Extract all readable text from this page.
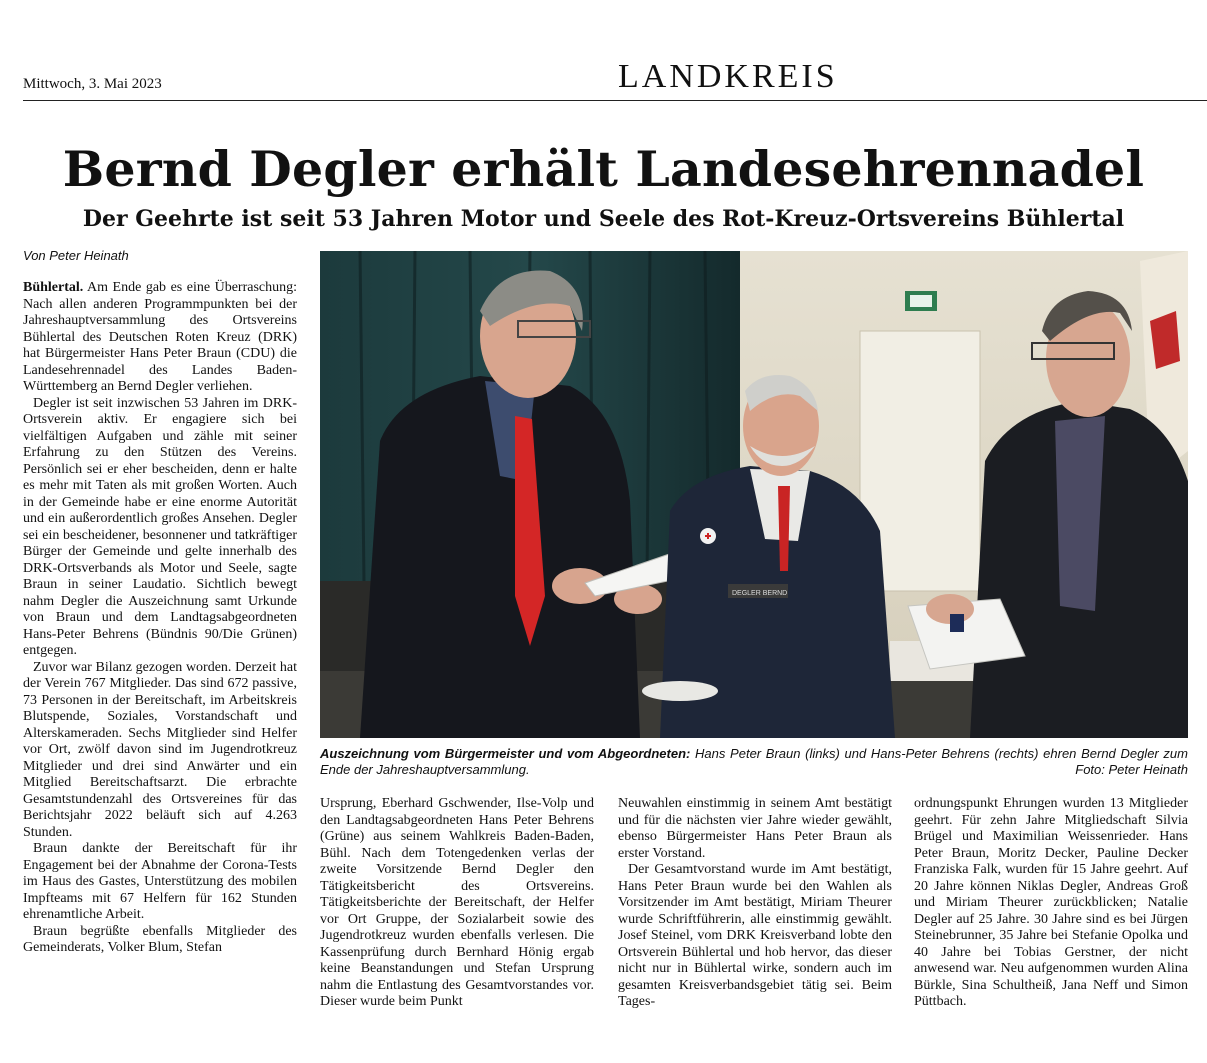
Mittwoch, 3. Mai 2023	LANDKREIS
Bernd Degler erhält Landesehrennadel
Der Geehrte ist seit 53 Jahren Motor und Seele des Rot-Kreuz-Ortsvereins Bühlertal
Von Peter Heinath

Bühlertal. Am Ende gab es eine Überraschung: Nach allen anderen Programmpunkten bei der Jahreshauptversammlung des Ortsvereins Bühlertal des Deutschen Roten Kreuz (DRK) hat Bürgermeister Hans Peter Braun (CDU) die Landesehrennadel des Landes Baden-Württemberg an Bernd Degler verliehen.

Degler ist seit inzwischen 53 Jahren im DRK-Ortsverein aktiv. Er engagiere sich bei vielfältigen Aufgaben und zähle mit seiner Erfahrung zu den Stützen des Vereins. Persönlich sei er eher bescheiden, denn er halte es mehr mit Taten als mit großen Worten. Auch in der Gemeinde habe er eine enorme Autorität und ein außerordentlich großes Ansehen. Degler sei ein bescheidener, besonnener und tatkräftiger Bürger der Gemeinde und gelte innerhalb des DRK-Ortsverbands als Motor und Seele, sagte Braun in seiner Laudatio. Sichtlich bewegt nahm Degler die Auszeichnung samt Urkunde von Braun und dem Landtagsabgeordneten Hans-Peter Behrens (Bündnis 90/Die Grünen) entgegen.

Zuvor war Bilanz gezogen worden. Derzeit hat der Verein 767 Mitglieder. Das sind 672 passive, 73 Personen in der Bereitschaft, im Arbeitskreis Blutspende, Soziales, Vorstandschaft und Alterskameraden. Sechs Mitglieder sind Helfer vor Ort, zwölf davon sind im Jugendrotkreuz Mitglieder und drei sind Anwärter und ein Mitglied Bereitschaftsarzt. Die erbrachte Gesamtstundenzahl des Ortsvereines für das Berichtsjahr 2022 beläuft sich auf 4.263 Stunden.

Braun dankte der Bereitschaft für ihr Engagement bei der Abnahme der Corona-Tests im Haus des Gastes, Unterstützung des mobilen Impfteams mit 67 Helfern für 162 Stunden ehrenamtliche Arbeit.

Braun begrüßte ebenfalls Mitglieder des Gemeinderats, Volker Blum, Stefan

DEGLER BERND
Auszeichnung vom Bürgermeister und vom Abgeordneten: Hans Peter Braun (links) und Hans-Peter Behrens (rechts) ehren Bernd Degler zum Ende der Jahreshauptversammlung.	Foto: Peter Heinath

Ursprung, Eberhard Gschwender, Ilse-Volp und den Landtagsabgeordneten Hans Peter Behrens (Grüne) aus seinem Wahlkreis Baden-Baden, Bühl. Nach dem Totengedenken verlas der zweite Vorsitzende Bernd Degler den Tätigkeitsbericht des Ortsvereins. Tätigkeitsberichte der Bereitschaft, der Helfer vor Ort Gruppe, der Sozialarbeit sowie des Jugendrotkreuz wurden ebenfalls verlesen. Die Kassenprüfung durch Bernhard Hönig ergab keine Beanstandungen und Stefan Ursprung nahm die Entlastung des Gesamtvorstandes vor. Dieser wurde beim Punkt

Neuwahlen einstimmig in seinem Amt bestätigt und für die nächsten vier Jahre wieder gewählt, ebenso Bürgermeister Hans Peter Braun als erster Vorstand.

Der Gesamtvorstand wurde im Amt bestätigt, Hans Peter Braun wurde bei den Wahlen als Vorsitzender im Amt bestätigt, Miriam Theurer wurde Schriftführerin, alle einstimmig gewählt. Josef Steinel, vom DRK Kreisverband lobte den Ortsverein Bühlertal und hob hervor, das dieser nicht nur in Bühlertal wirke, sondern auch im gesamten Kreisverbandsgebiet tätig sei. Beim Tages-

ordnungspunkt Ehrungen wurden 13 Mitglieder geehrt. Für zehn Jahre Mitgliedschaft Silvia Brügel und Maximilian Weissenrieder. Hans Peter Braun, Moritz Decker, Pauline Decker Franziska Falk, wurden für 15 Jahre geehrt. Auf 20 Jahre können Niklas Degler, Andreas Groß und Miriam Theurer zurückblicken; Natalie Degler auf 25 Jahre. 30 Jahre sind es bei Jürgen Steinebrunner, 35 Jahre bei Stefanie Opolka und 40 Jahre bei Tobias Gerstner, der nicht anwesend war. Neu aufgenommen wurden Alina Bürkle, Sina Schultheiß, Jana Neff und Simon Püttbach.
